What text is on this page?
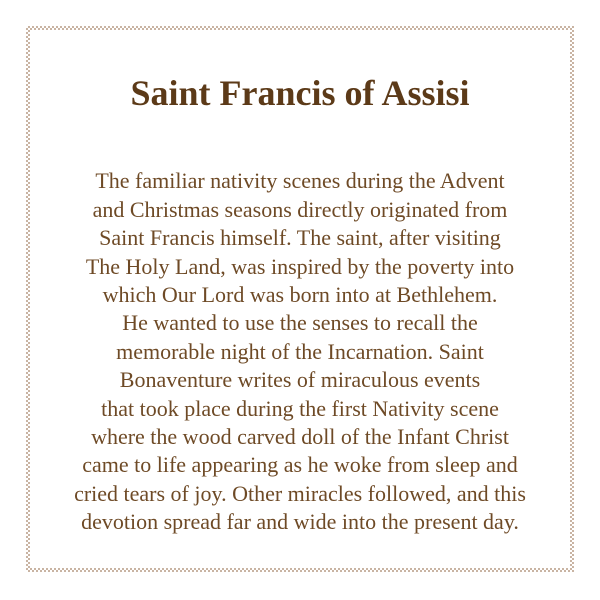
Saint Francis of Assisi
The familiar nativity scenes during the Advent
and Christmas seasons directly originated from
Saint Francis himself. The saint, after visiting
The Holy Land, was inspired by the poverty into
which Our Lord was born into at Bethlehem.
He wanted to use the senses to recall the
memorable night of the Incarnation. Saint
Bonaventure writes of miraculous events
that took place during the first Nativity scene
where the wood carved doll of the Infant Christ
came to life appearing as he woke from sleep and
cried tears of joy. Other miracles followed, and this
devotion spread far and wide into the present day.
